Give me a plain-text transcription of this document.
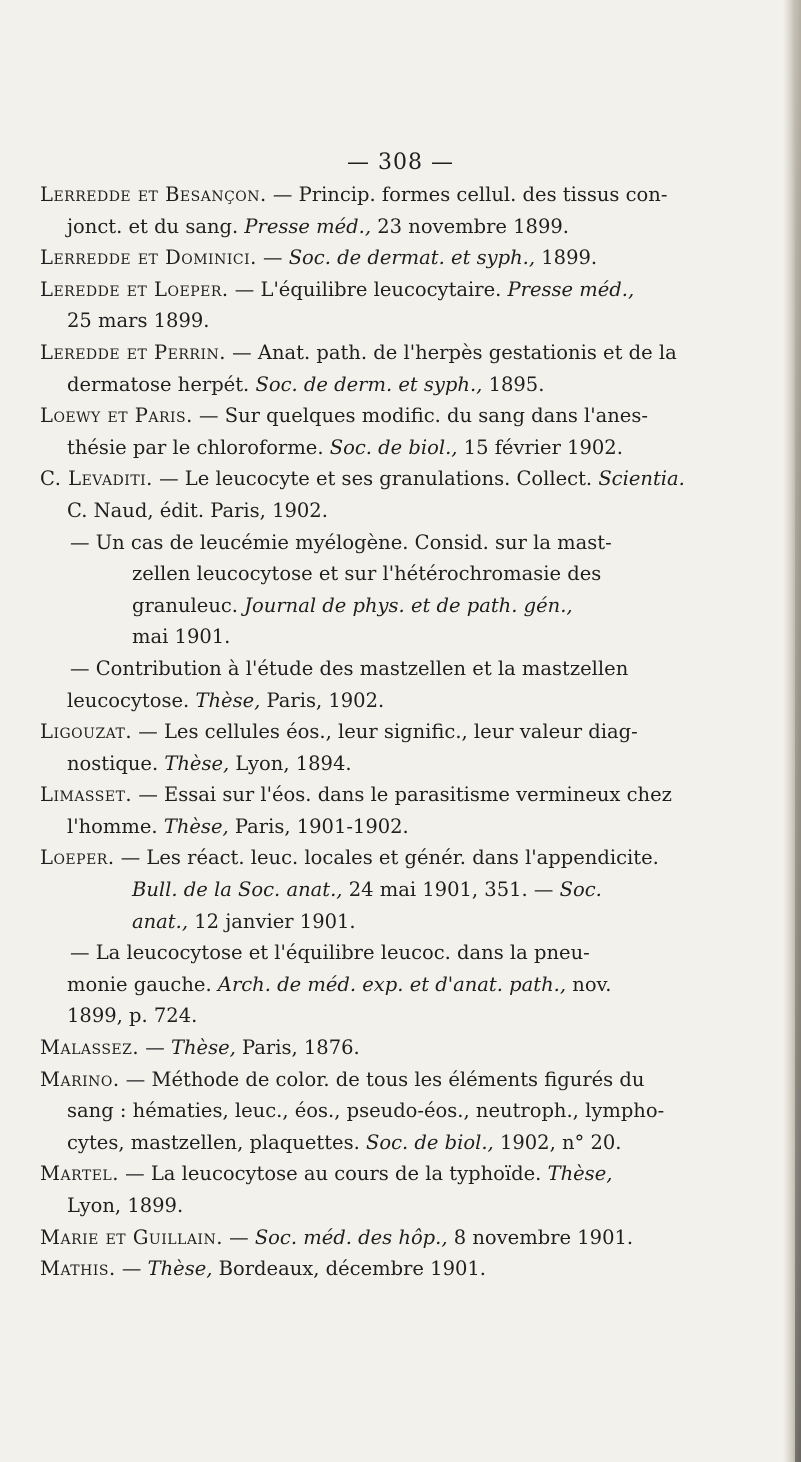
— 308 —
Lerredde et Besançon. — Princip. formes cellul. des tissus con-
jonct. et du sang. Presse méd., 23 novembre 1899.
Lerredde et Dominici. — Soc. de dermat. et syph., 1899.
Leredde et Loeper. — L'équilibre leucocytaire. Presse méd.,
25 mars 1899.
Leredde et Perrin. — Anat. path. de l'herpès gestationis et de la
dermatose herpét. Soc. de derm. et syph., 1895.
Loewy et Paris. — Sur quelques modific. du sang dans l'anes-
thésie par le chloroforme. Soc. de biol., 15 février 1902.
C. Levaditi. — Le leucocyte et ses granulations. Collect. Scientia.
C. Naud, édit. Paris, 1902.
— Un cas de leucémie myélogène. Consid. sur la mast-
zellen leucocytose et sur l'hétérochromasie des
granuleuc. Journal de phys. et de path. gén.,
mai 1901.
— Contribution à l'étude des mastzellen et la mastzellen
leucocytose. Thèse, Paris, 1902.
Ligouzat. — Les cellules éos., leur signific., leur valeur diag-
nostique. Thèse, Lyon, 1894.
Limasset. — Essai sur l'éos. dans le parasitisme vermineux chez
l'homme. Thèse, Paris, 1901-1902.
Loeper. — Les réact. leuc. locales et génér. dans l'appendicite.
Bull. de la Soc. anat., 24 mai 1901, 351. — Soc.
anat., 12 janvier 1901.
— La leucocytose et l'équilibre leucoc. dans la pneu-
monie gauche. Arch. de méd. exp. et d'anat. path., nov.
1899, p. 724.
Malassez. — Thèse, Paris, 1876.
Marino. — Méthode de color. de tous les éléments figurés du
sang : hématies, leuc., éos., pseudo-éos., neutroph., lympho-
cytes, mastzellen, plaquettes. Soc. de biol., 1902, n° 20.
Martel. — La leucocytose au cours de la typhoïde. Thèse,
Lyon, 1899.
Marie et Guillain. — Soc. méd. des hôp., 8 novembre 1901.
Mathis. — Thèse, Bordeaux, décembre 1901.
